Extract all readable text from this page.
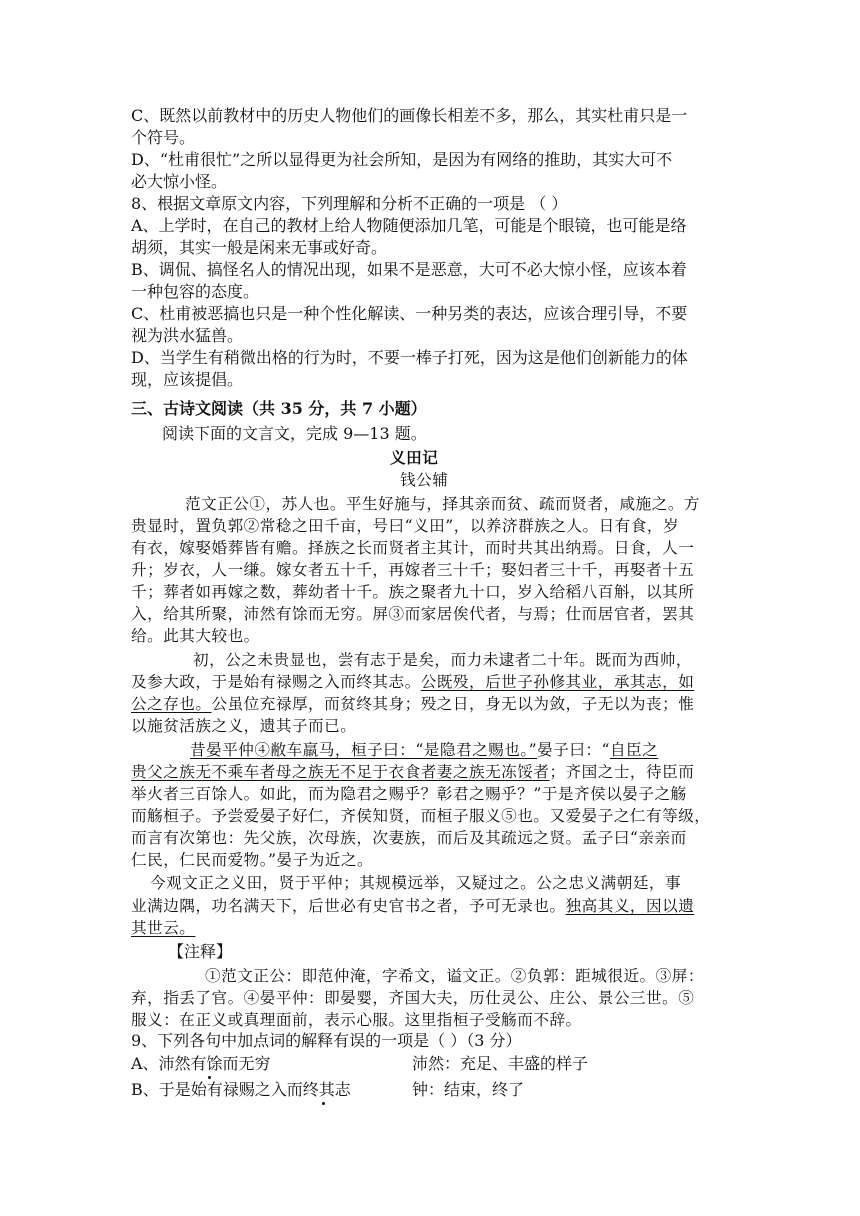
C、既然以前教材中的历史人物他们的画像长相差不多，那么，其实杜甫只是一
个符号。
D、“杜甫很忙”之所以显得更为社会所知，是因为有网络的推助，其实大可不
必大惊小怪。
8、根据文章原文内容，下列理解和分析不正确的一项是 （ ）
A、上学时，在自己的教材上给人物随便添加几笔，可能是个眼镜，也可能是络
胡须，其实一般是闲来无事或好奇。
B、调侃、搞怪名人的情况出现，如果不是恶意，大可不必大惊小怪，应该本着
一种包容的态度。
C、杜甫被恶搞也只是一种个性化解读、一种另类的表达，应该合理引导，不要
视为洪水猛兽。
D、当学生有稍微出格的行为时，不要一棒子打死，因为这是他们创新能力的体
现，应该提倡。
三、古诗文阅读（共 35 分，共 7 小题）
阅读下面的文言文，完成 9—13 题。
义田记
钱公辅
范文正公①，苏人也。平生好施与，择其亲而贫、疏而贤者，咸施之。方
贵显时，置负郭②常稔之田千亩，号曰“义田”，以养济群族之人。日有食，岁
有衣，嫁娶婚葬皆有赡。择族之长而贤者主其计，而时共其出纳焉。日食，人一
升；岁衣，人一缣。嫁女者五十千，再嫁者三十千；娶妇者三十千，再娶者十五
千；葬者如再嫁之数，葬幼者十千。族之聚者九十口，岁入给稻八百斛，以其所
入，给其所聚，沛然有馀而无穷。屏③而家居俟代者，与焉；仕而居官者，罢其
给。此其大较也。
初，公之未贵显也，尝有志于是矣，而力未逮者二十年。既而为西帅，
及参大政，于是始有禄赐之入而终其志。公既殁，后世子孙修其业，承其志，如
公之存也。公虽位充禄厚，而贫终其身；殁之日，身无以为敛，子无以为丧；惟
以施贫活族之义，遗其子而已。
昔晏平仲④敝车羸马，桓子曰：“是隐君之赐也。”晏子曰：“自臣之
贵父之族无不乘车者母之族无不足于衣食者妻之族无冻馁者；齐国之士，待臣而
举火者三百馀人。如此，而为隐君之赐乎？彰君之赐乎？”于是齐侯以晏子之觞
而觞桓子。予尝爱晏子好仁，齐侯知贤，而桓子服义⑤也。又爱晏子之仁有等级，
而言有次第也：先父族，次母族，次妻族，而后及其疏远之贤。孟子曰“亲亲而
仁民，仁民而爱物。”晏子为近之。
今观文正之义田，贤于平仲；其规模远举，又疑过之。公之忠义满朝廷，事
业满边隅，功名满天下，后世必有史官书之者，予可无录也。独高其义，因以遗
其世云。
【注释】
①范文正公：即范仲淹，字希文，谥文正。②负郭：距城很近。③屏：
弃，指丢了官。④晏平仲：即晏婴，齐国大夫，历仕灵公、庄公、景公三世。⑤
服义：在正义或真理面前，表示心服。这里指桓子受觞而不辞。
9、下列各句中加点词的解释有误的一项是（ ）（3 分）
A、沛然有馀而无穷	沛然：充足、丰盛的样子
B、于是始有禄赐之入而终其志	钟：结束，终了
